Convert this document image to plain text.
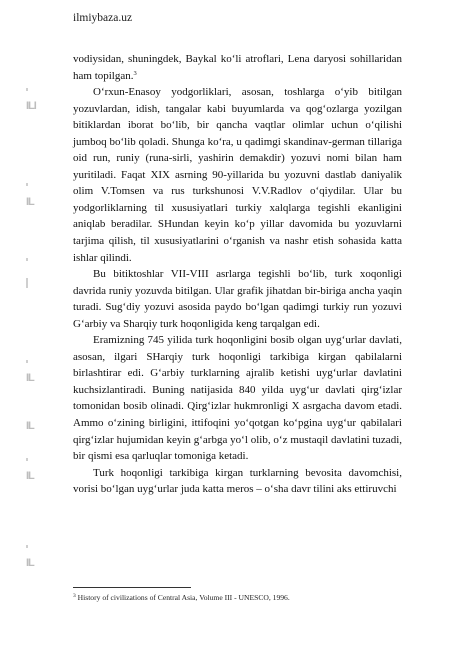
ilmiybaza.uz
ILI
IL
IL
IL
IL
IL

vodiysidan, shuningdek, Baykal ko‘li atroflari, Lena daryosi sohillaridan ham topilgan.$^3$

O‘rxun-Enasoy yodgorliklari, asosan, toshlarga o‘yib bitilgan yozuvlardan, idish, tangalar kabi buyumlarda va qog‘ozlarga yozilgan bitiklardan iborat bo‘lib, bir qancha vaqtlar olimlar uchun o‘qilishi jumboq bo‘lib qoladi. Shunga ko‘ra, u qadimgi skandinav-german tillariga oid run, runiy (runa-sirli, yashirin demakdir) yozuvi nomi bilan ham yuritiladi. Faqat XIX asrning 90-yillarida bu yozuvni dastlab daniyalik olim V.Tomsen va rus turkshunosi V.V.Radlov o‘qiydilar. Ular bu yodgorliklarning til xususiyatlari turkiy xalqlarga tegishli ekanligini aniqlab beradilar. SHundan keyin ko‘p yillar davomida bu yozuvlarni tarjima qilish, til xususiyatlarini o‘rganish va nashr etish sohasida katta ishlar qilindi.

Bu bitiktoshlar VII-VIII asrlarga tegishli bo‘lib, turk xoqonligi davrida runiy yozuvda bitilgan. Ular grafik jihatdan bir-biriga ancha yaqin turadi. Sug‘diy yozuvi asosida paydo bo‘lgan qadimgi turkiy run yozuvi G‘arbiy va Sharqiy turk hoqonligida keng tarqalgan edi.

Eramizning 745 yilida turk hoqonligini bosib olgan uyg‘urlar davlati, asosan, ilgari SHarqiy turk hoqonligi tarkibiga kirgan qabilalarni birlashtirar edi. G‘arbiy turklarning ajralib ketishi uyg‘urlar davlatini kuchsizlantiradi. Buning natijasida 840 yilda uyg‘ur davlati qirg‘izlar tomonidan bosib olinadi. Qirg‘izlar hukmronligi X asrgacha davom etadi. Ammo o‘zining birligini, ittifoqini yo‘qotgan ko‘pgina uyg‘ur qabilalari qirg‘izlar hujumidan keyin g‘arbga yo‘l olib, o‘z mustaqil davlatini tuzadi, bir qismi esa qarluqlar tomoniga ketadi.

Turk hoqonligi tarkibiga kirgan turklarning bevosita davomchisi, vorisi bo‘lgan uyg‘urlar juda katta meros – o‘sha davr tilini aks ettiruvchi

$^3$ History of civilizations of Central Asia, Volume III - UNESCO, 1996.
